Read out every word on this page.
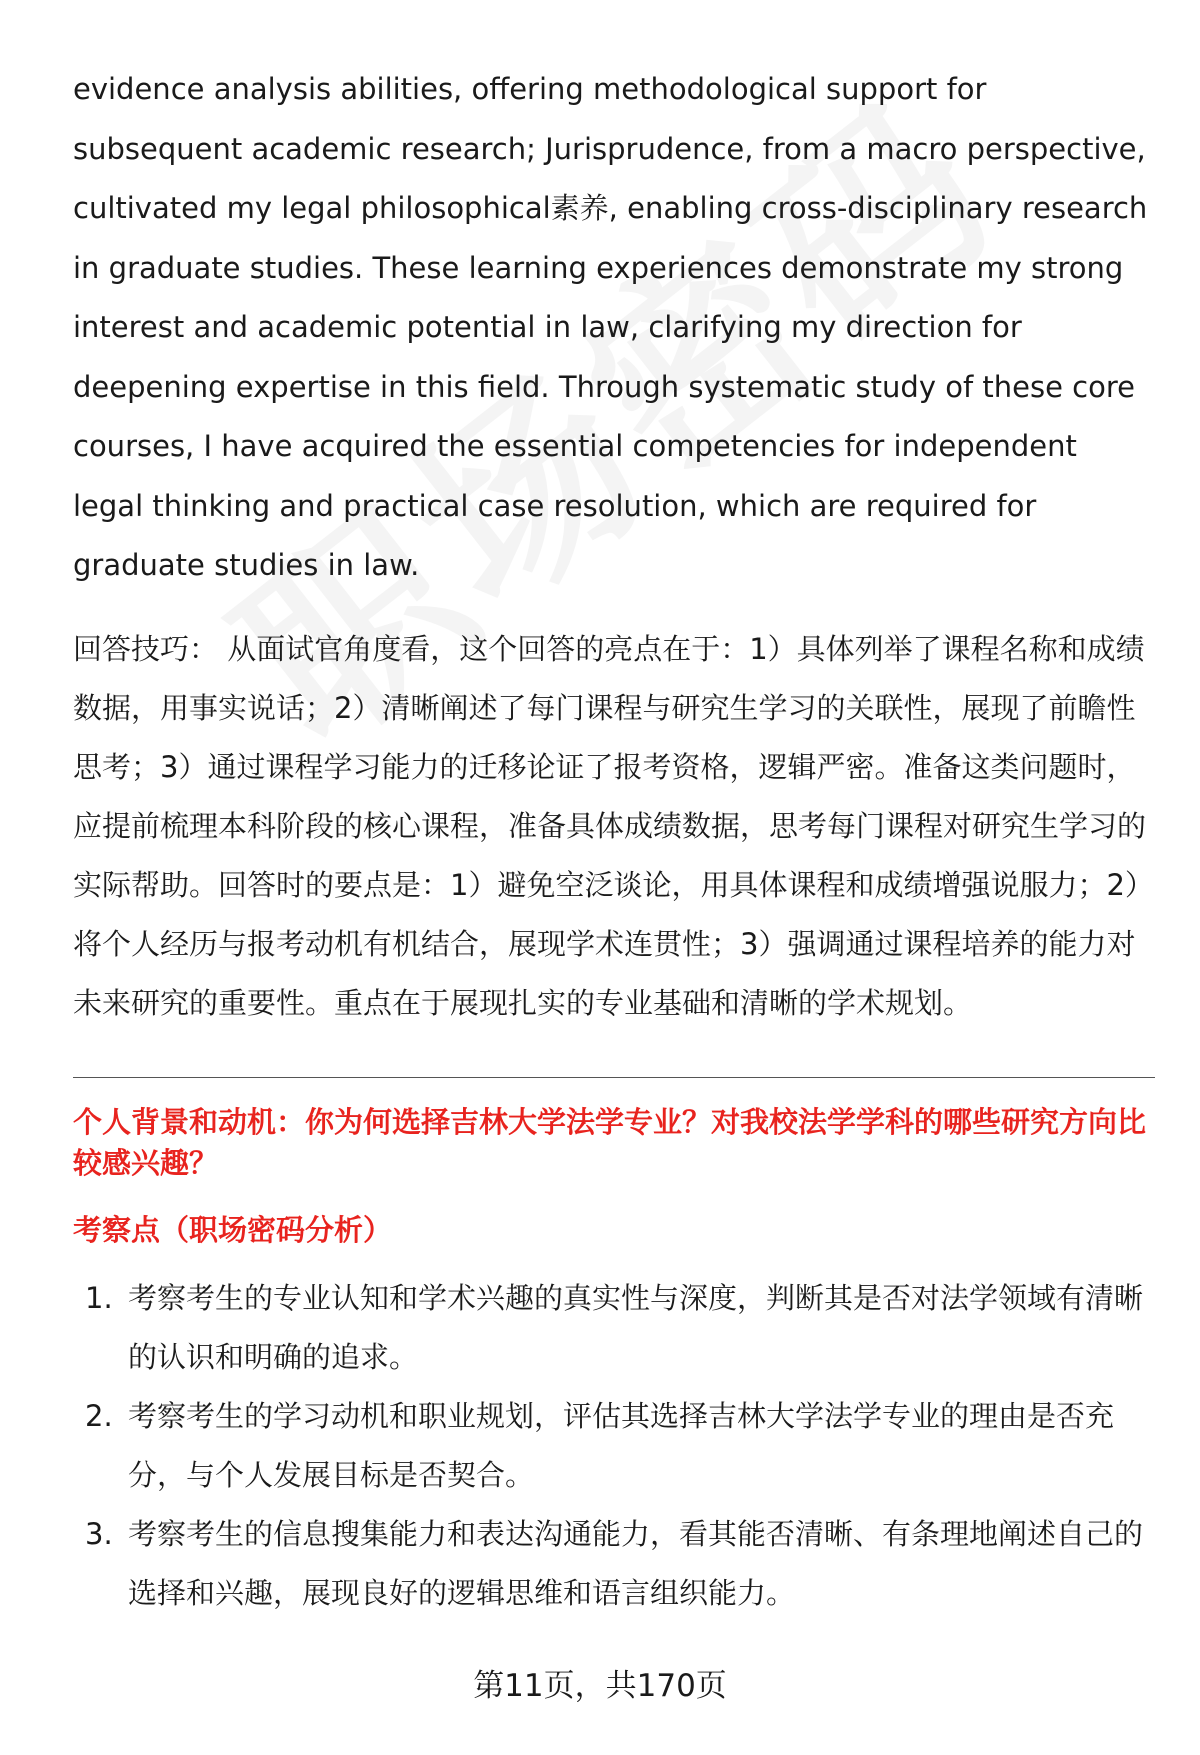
evidence analysis abilities, offering methodological support for subsequent academic research; Jurisprudence, from a macro perspective, cultivated my legal philosophical素养, enabling cross-disciplinary research in graduate studies. These learning experiences demonstrate my strong interest and academic potential in law, clarifying my direction for deepening expertise in this field. Through systematic study of these core courses, I have acquired the essential competencies for independent legal thinking and practical case resolution, which are required for graduate studies in law.

回答技巧： 从面试官角度看，这个回答的亮点在于：1）具体列举了课程名称和成绩数据，用事实说话；2）清晰阐述了每门课程与研究生学习的关联性，展现了前瞻性思考；3）通过课程学习能力的迁移论证了报考资格，逻辑严密。准备这类问题时，应提前梳理本科阶段的核心课程，准备具体成绩数据，思考每门课程对研究生学习的实际帮助。回答时的要点是：1）避免空泛谈论，用具体课程和成绩增强说服力；2）将个人经历与报考动机有机结合，展现学术连贯性；3）强调通过课程培养的能力对未来研究的重要性。重点在于展现扎实的专业基础和清晰的学术规划。

个人背景和动机：你为何选择吉林大学法学专业？对我校法学学科的哪些研究方向比较感兴趣？
考察点（职场密码分析）
1. 考察考生的专业认知和学术兴趣的真实性与深度，判断其是否对法学领域有清晰的认识和明确的追求。
2. 考察考生的学习动机和职业规划，评估其选择吉林大学法学专业的理由是否充分，与个人发展目标是否契合。
3. 考察考生的信息搜集能力和表达沟通能力，看其能否清晰、有条理地阐述自己的选择和兴趣，展现良好的逻辑思维和语言组织能力。
第11页，共170页
